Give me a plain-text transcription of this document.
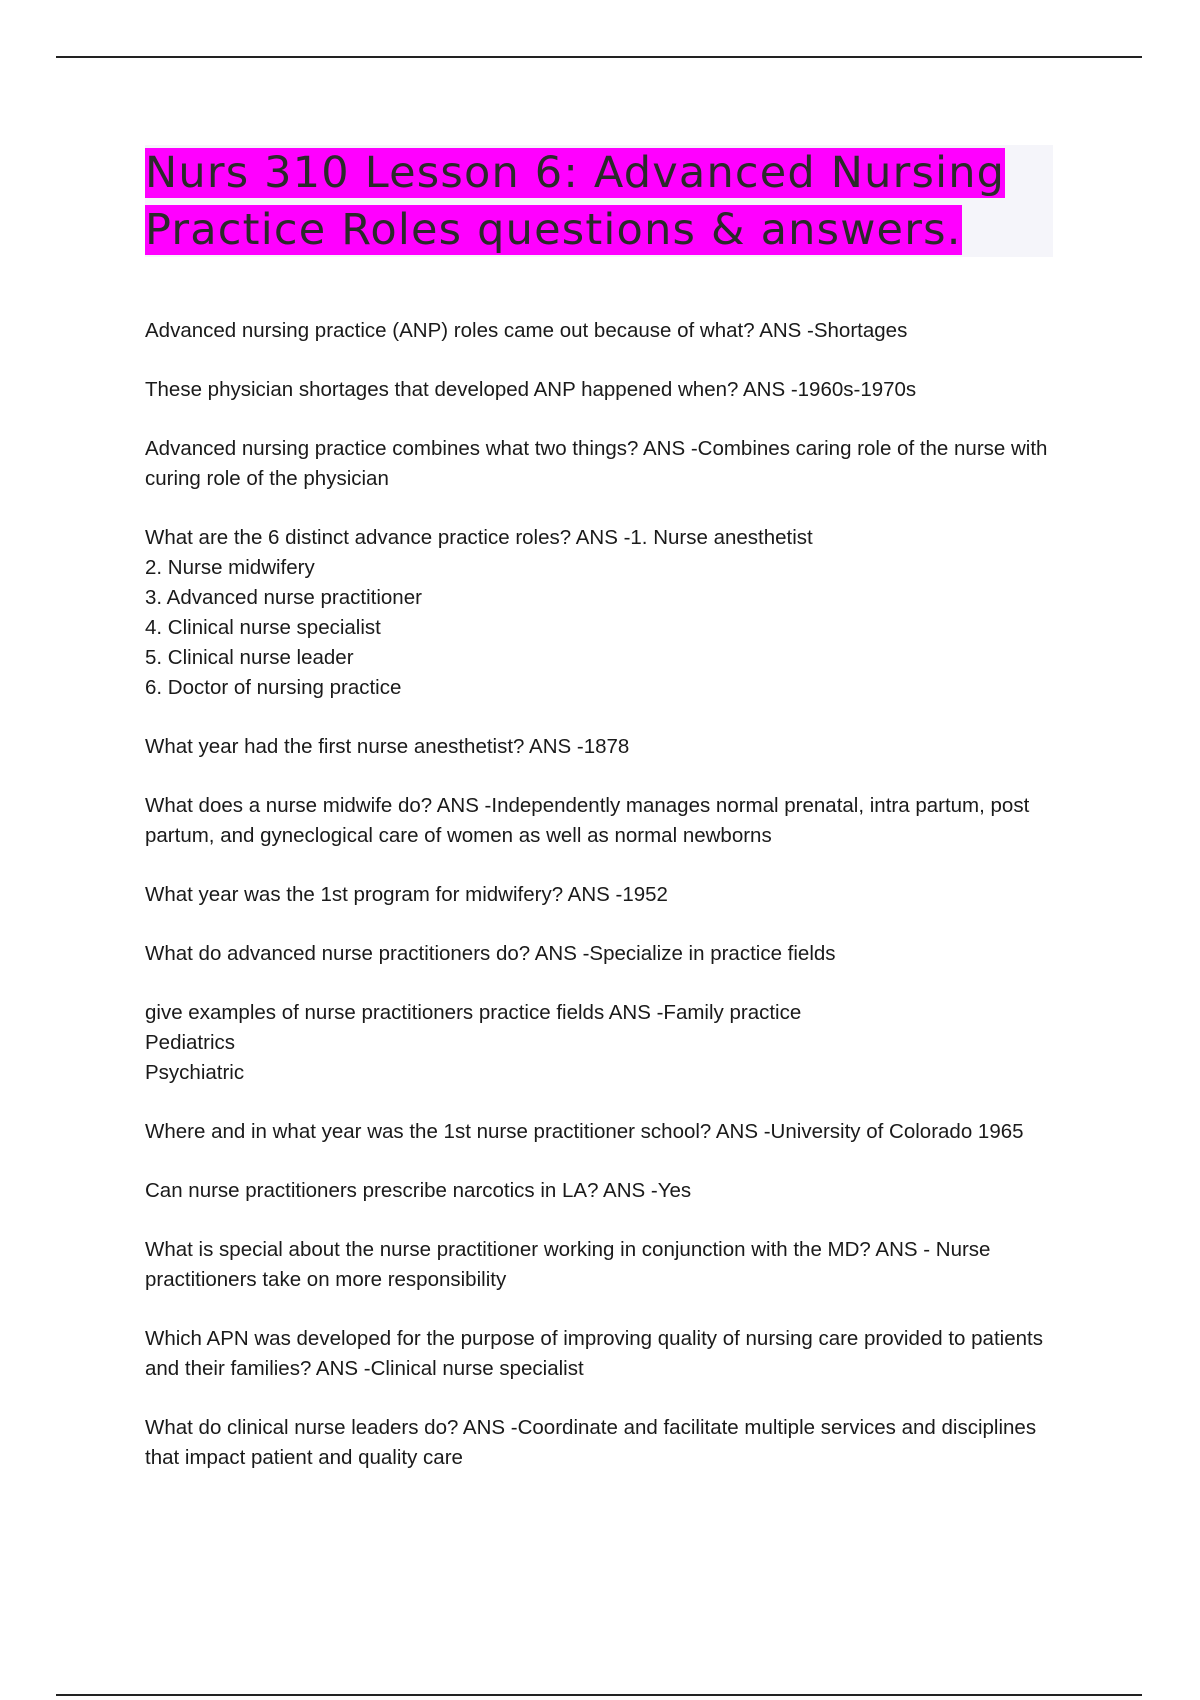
Nurs 310 Lesson 6: Advanced Nursing Practice Roles questions & answers.

Advanced nursing practice (ANP) roles came out because of what? ANS -Shortages

These physician shortages that developed ANP happened when? ANS -1960s-1970s

Advanced nursing practice combines what two things? ANS -Combines caring role of the nurse with curing role of the physician

What are the 6 distinct advance practice roles? ANS -1. Nurse anesthetist
2. Nurse midwifery
3. Advanced nurse practitioner
4. Clinical nurse specialist
5. Clinical nurse leader
6. Doctor of nursing practice

What year had the first nurse anesthetist? ANS -1878

What does a nurse midwife do? ANS -Independently manages normal prenatal, intra partum, post partum, and gyneclogical care of women as well as normal newborns

What year was the 1st program for midwifery? ANS -1952

What do advanced nurse practitioners do? ANS -Specialize in practice fields

give examples of nurse practitioners practice fields ANS -Family practice
Pediatrics
Psychiatric

Where and in what year was the 1st nurse practitioner school? ANS -University of Colorado 1965

Can nurse practitioners prescribe narcotics in LA? ANS -Yes

What is special about the nurse practitioner working in conjunction with the MD? ANS - Nurse practitioners take on more responsibility

Which APN was developed for the purpose of improving quality of nursing care provided to patients and their families? ANS -Clinical nurse specialist

What do clinical nurse leaders do? ANS -Coordinate and facilitate multiple services and disciplines that impact patient and quality care
